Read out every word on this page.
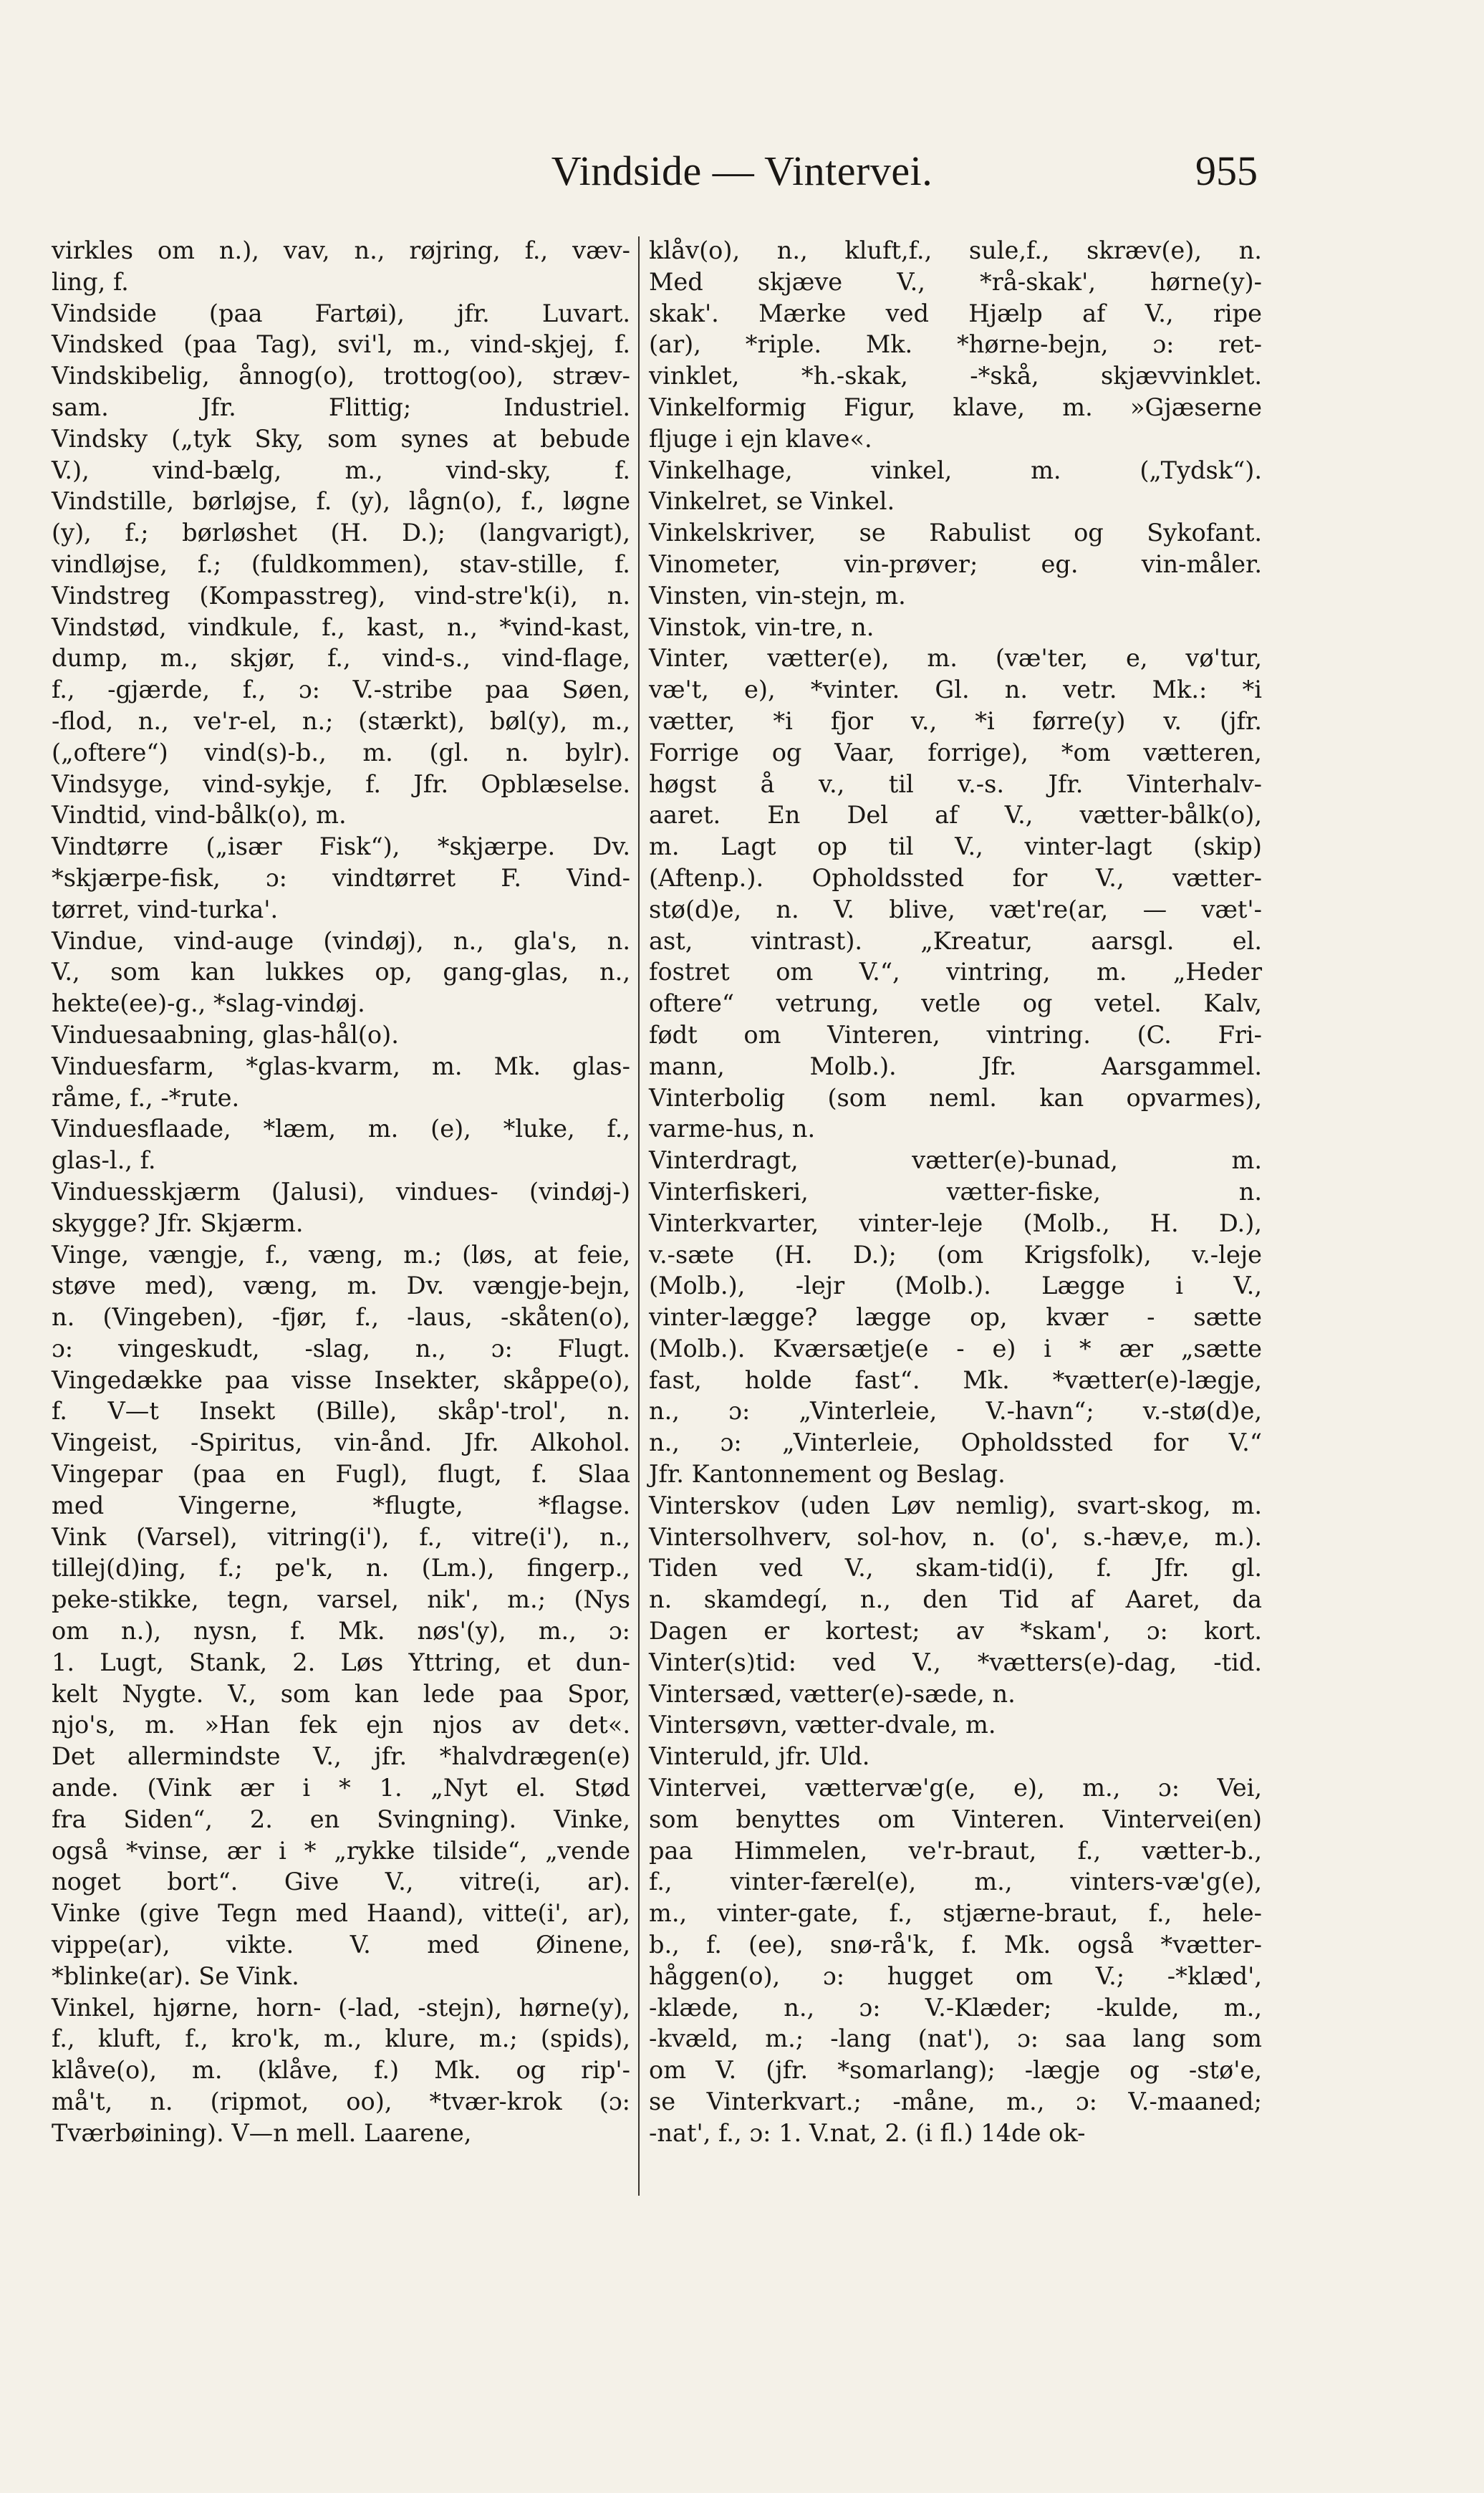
Vindside — Vintervei.	955
virkles om n.), vav, n., røjring, f., væv-
ling, f.
Vindside (paa Fartøi), jfr. Luvart.
Vindsked (paa Tag), svi'l, m., vind-skjej, f.
Vindskibelig, ånnog(o), trottog(oo), stræv-
sam. Jfr. Flittig; Industriel.
Vindsky („tyk Sky, som synes at bebude
V.), vind-bælg, m., vind-sky, f.
Vindstille, børløjse, f. (y), lågn(o), f., løgne
(y), f.; børløshet (H. D.); (langvarigt),
vindløjse, f.; (fuldkommen), stav-stille, f.
Vindstreg (Kompasstreg), vind-stre'k(i), n.
Vindstød, vindkule, f., kast, n., *vind-kast,
dump, m., skjør, f., vind-s., vind-flage,
f., -gjærde, f., ɔ: V.-stribe paa Søen,
-flod, n., ve'r-el, n.; (stærkt), bøl(y), m.,
(„oftere“) vind(s)-b., m. (gl. n. bylr).
Vindsyge, vind-sykje, f. Jfr. Opblæselse.
Vindtid, vind-bålk(o), m.
Vindtørre („især Fisk“), *skjærpe. Dv.
*skjærpe-fisk, ɔ: vindtørret F. Vind-
tørret, vind-turka'.
Vindue, vind-auge (vindøj), n., gla's, n.
V., som kan lukkes op, gang-glas, n.,
hekte(ee)-g., *slag-vindøj.
Vinduesaabning, glas-hål(o).
Vinduesfarm, *glas-kvarm, m. Mk. glas-
råme, f., -*rute.
Vinduesflaade, *læm, m. (e), *luke, f.,
glas-l., f.
Vinduesskjærm (Jalusi), vindues- (vindøj-)
skygge? Jfr. Skjærm.
Vinge, vængje, f., væng, m.; (løs, at feie,
støve med), væng, m. Dv. vængje-bejn,
n. (Vingeben), -fjør, f., -laus, -skåten(o),
ɔ: vingeskudt, -slag, n., ɔ: Flugt.
Vingedække paa visse Insekter, skåppe(o),
f. V—t Insekt (Bille), skåp'-trol', n.
Vingeist, -Spiritus, vin-ånd. Jfr. Alkohol.
Vingepar (paa en Fugl), flugt, f. Slaa
med Vingerne, *flugte, *flagse.
Vink (Varsel), vitring(i'), f., vitre(i'), n.,
tillej(d)ing, f.; pe'k, n. (Lm.), fingerp.,
peke-stikke, tegn, varsel, nik', m.; (Nys
om n.), nysn, f. Mk. nøs'(y), m., ɔ:
1. Lugt, Stank, 2. Løs Yttring, et dun-
kelt Nygte. V., som kan lede paa Spor,
njo's, m. »Han fek ejn njos av det«.
Det allermindste V., jfr. *halvdrægen(e)
ande. (Vink ær i * 1. „Nyt el. Stød
fra Siden“, 2. en Svingning). Vinke,
også *vinse, ær i * „rykke tilside“, „vende
noget bort“. Give V., vitre(i, ar).
Vinke (give Tegn med Haand), vitte(i', ar),
vippe(ar), vikte. V. med Øinene,
*blinke(ar). Se Vink.
Vinkel, hjørne, horn- (-lad, -stejn), hørne(y),
f., kluft, f., kro'k, m., klure, m.; (spids),
klåve(o), m. (klåve, f.) Mk. og rip'-
må't, n. (ripmot, oo), *tvær-krok (ɔ:
Tværbøining). V—n mell. Laarene,
klåv(o), n., kluft,f., sule,f., skræv(e), n.
Med skjæve V., *rå-skak', hørne(y)-
skak'. Mærke ved Hjælp af V., ripe
(ar), *riple. Mk. *hørne-bejn, ɔ: ret-
vinklet, *h.-skak, -*skå, skjævvinklet.
Vinkelformig Figur, klave, m. »Gjæserne
fljuge i ejn klave«.
Vinkelhage, vinkel, m. („Tydsk“).
Vinkelret, se Vinkel.
Vinkelskriver, se Rabulist og Sykofant.
Vinometer, vin-prøver; eg. vin-måler.
Vinsten, vin-stejn, m.
Vinstok, vin-tre, n.
Vinter, vætter(e), m. (væ'ter, e, vø'tur,
væ't, e), *vinter. Gl. n. vetr. Mk.: *i
vætter, *i fjor v., *i førre(y) v. (jfr.
Forrige og Vaar, forrige), *om vætteren,
høgst å v., til v.-s. Jfr. Vinterhalv-
aaret. En Del af V., vætter-bålk(o),
m. Lagt op til V., vinter-lagt (skip)
(Aftenp.). Opholdssted for V., vætter-
stø(d)e, n. V. blive, væt're(ar, — væt'-
ast, vintrast). „Kreatur, aarsgl. el.
fostret om V.“, vintring, m. „Heder
oftere“ vetrung, vetle og vetel. Kalv,
født om Vinteren, vintring. (C. Fri-
mann, Molb.). Jfr. Aarsgammel.
Vinterbolig (som neml. kan opvarmes),
varme-hus, n.
Vinterdragt, vætter(e)-bunad, m.
Vinterfiskeri, vætter-fiske, n.
Vinterkvarter, vinter-leje (Molb., H. D.),
v.-sæte (H. D.); (om Krigsfolk), v.-leje
(Molb.), -lejr (Molb.). Lægge i V.,
vinter-lægge? lægge op, kvær - sætte
(Molb.). Kværsætje(e - e) i * ær „sætte
fast, holde fast“. Mk. *vætter(e)-lægje,
n., ɔ: „Vinterleie, V.-havn“; v.-stø(d)e,
n., ɔ: „Vinterleie, Opholdssted for V.“
Jfr. Kantonnement og Beslag.
Vinterskov (uden Løv nemlig), svart-skog, m.
Vintersolhverv, sol-hov, n. (o', s.-hæv,e, m.).
Tiden ved V., skam-tid(i), f. Jfr. gl.
n. skamdegí, n., den Tid af Aaret, da
Dagen er kortest; av *skam', ɔ: kort.
Vinter(s)tid: ved V., *vætters(e)-dag, -tid.
Vintersæd, vætter(e)-sæde, n.
Vintersøvn, vætter-dvale, m.
Vinteruld, jfr. Uld.
Vintervei, vættervæ'g(e, e), m., ɔ: Vei,
som benyttes om Vinteren. Vintervei(en)
paa Himmelen, ve'r-braut, f., vætter-b.,
f., vinter-færel(e), m., vinters-væ'g(e),
m., vinter-gate, f., stjærne-braut, f., hele-
b., f. (ee), snø-rå'k, f. Mk. også *vætter-
håggen(o), ɔ: hugget om V.; -*klæd',
-klæde, n., ɔ: V.-Klæder; -kulde, m.,
-kvæld, m.; -lang (nat'), ɔ: saa lang som
om V. (jfr. *somarlang); -lægje og -stø'e,
se Vinterkvart.; -måne, m., ɔ: V.-maaned;
-nat', f., ɔ: 1. V.nat, 2. (i fl.) 14de ok-
